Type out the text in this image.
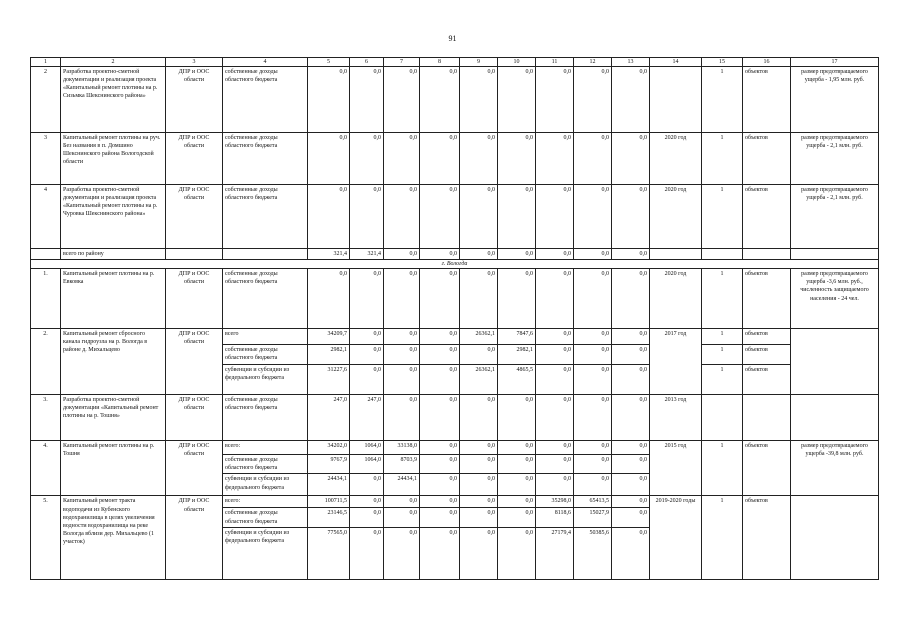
91
1	2	3	4	5	6	7	8	9	10	11	12	13	14	15	16	17
2	Разработка проектно-сметной документации и реализация проекта «Капитальный ремонт плотины на р. Сизьмка Шекснинского района»	ДПР и ООС области	собственные доходы областного бюджета	0,0	0,0	0,0	0,0	0,0	0,0	0,0	0,0	0,0		1	объектов	размер предотвращаемого ущерба - 1,95 млн. руб.
3	Капитальный ремонт плотины на руч. Без названия в п. Домшино Шекснинского района Вологодской области	ДПР и ООС области	собственные доходы областного бюджета	0,0	0,0	0,0	0,0	0,0	0,0	0,0	0,0	0,0	2020 год	1	объектов	размер предотвращаемого ущерба - 2,1 млн. руб.
4	Разработка проектно-сметной документации и реализация проекта «Капитальный ремонт плотины на р. Чуровка Шекснинского района»	ДПР и ООС области	собственные доходы областного бюджета	0,0	0,0	0,0	0,0	0,0	0,0	0,0	0,0	0,0	2020 год	1	объектов	размер предотвращаемого ущерба - 2,1 млн. руб.
	всего по району			321,4	321,4	0,0	0,0	0,0	0,0	0,0	0,0	0,0				
г. Вологда																
1.	Капитальный ремонт плотины на р. Евковка	ДПР и ООС области	собственные доходы областного бюджета	0,0	0,0	0,0	0,0	0,0	0,0	0,0	0,0	0,0	2020 год	1	объектов	размер предотвращаемого ущерба -3,6 млн. руб., численность защищаемого населения - 24 чел.
2.	Капитальный ремонт сбросного канала гидроузла на р. Вологда в районе д. Михальцево	ДПР и ООС области	всего	34209,7	0,0	0,0	0,0	26362,1	7847,6	0,0	0,0	0,0	2017 год	1	объектов	
			собственные доходы областного бюджета	2982,1	0,0	0,0	0,0	0,0	2982,1	0,0	0,0	0,0		1	объектов	
			субвенции и субсидии из федерального бюджета	31227,6	0,0	0,0	0,0	26362,1	4865,5	0,0	0,0	0,0		1	объектов	
3.	Разработка проектно-сметной документации «Капитальный ремонт плотины на р. Тошня»	ДПР и ООС области	собственные доходы областного бюджета	247,0	247,0	0,0	0,0	0,0	0,0	0,0	0,0	0,0	2013 год			
4.	Капитальный ремонт плотины на р. Тошня	ДПР и ООС области	всего:	34202,0	1064,0	33138,0	0,0	0,0	0,0	0,0	0,0	0,0	2015 год	1	объектов	размер предотвращаемого ущерба -39,8 млн. руб.
			собственные доходы областного бюджета	9767,9	1064,0	8703,9	0,0	0,0	0,0	0,0	0,0	0,0				
			субвенции и субсидии из федерального бюджета	24434,1	0,0	24434,1	0,0	0,0	0,0	0,0	0,0	0,0				
5.	Капитальный ремонт тракта водоподачи из Кубенского водохранилища в целях увеличения водности водохранилища на реке Вологда вблизи дер. Михальцево (1 участок)	ДПР и ООС области	всего:	100711,5	0,0	0,0	0,0	0,0	0,0	35298,0	65413,5	0,0	2019-2020 годы	1	объектов	
			собственные доходы областного бюджета	23146,5	0,0	0,0	0,0	0,0	0,0	8118,6	15027,9	0,0				
			субвенции и субсидии из федерального бюджета	77565,0	0,0	0,0	0,0	0,0	0,0	27179,4	50385,6	0,0				
